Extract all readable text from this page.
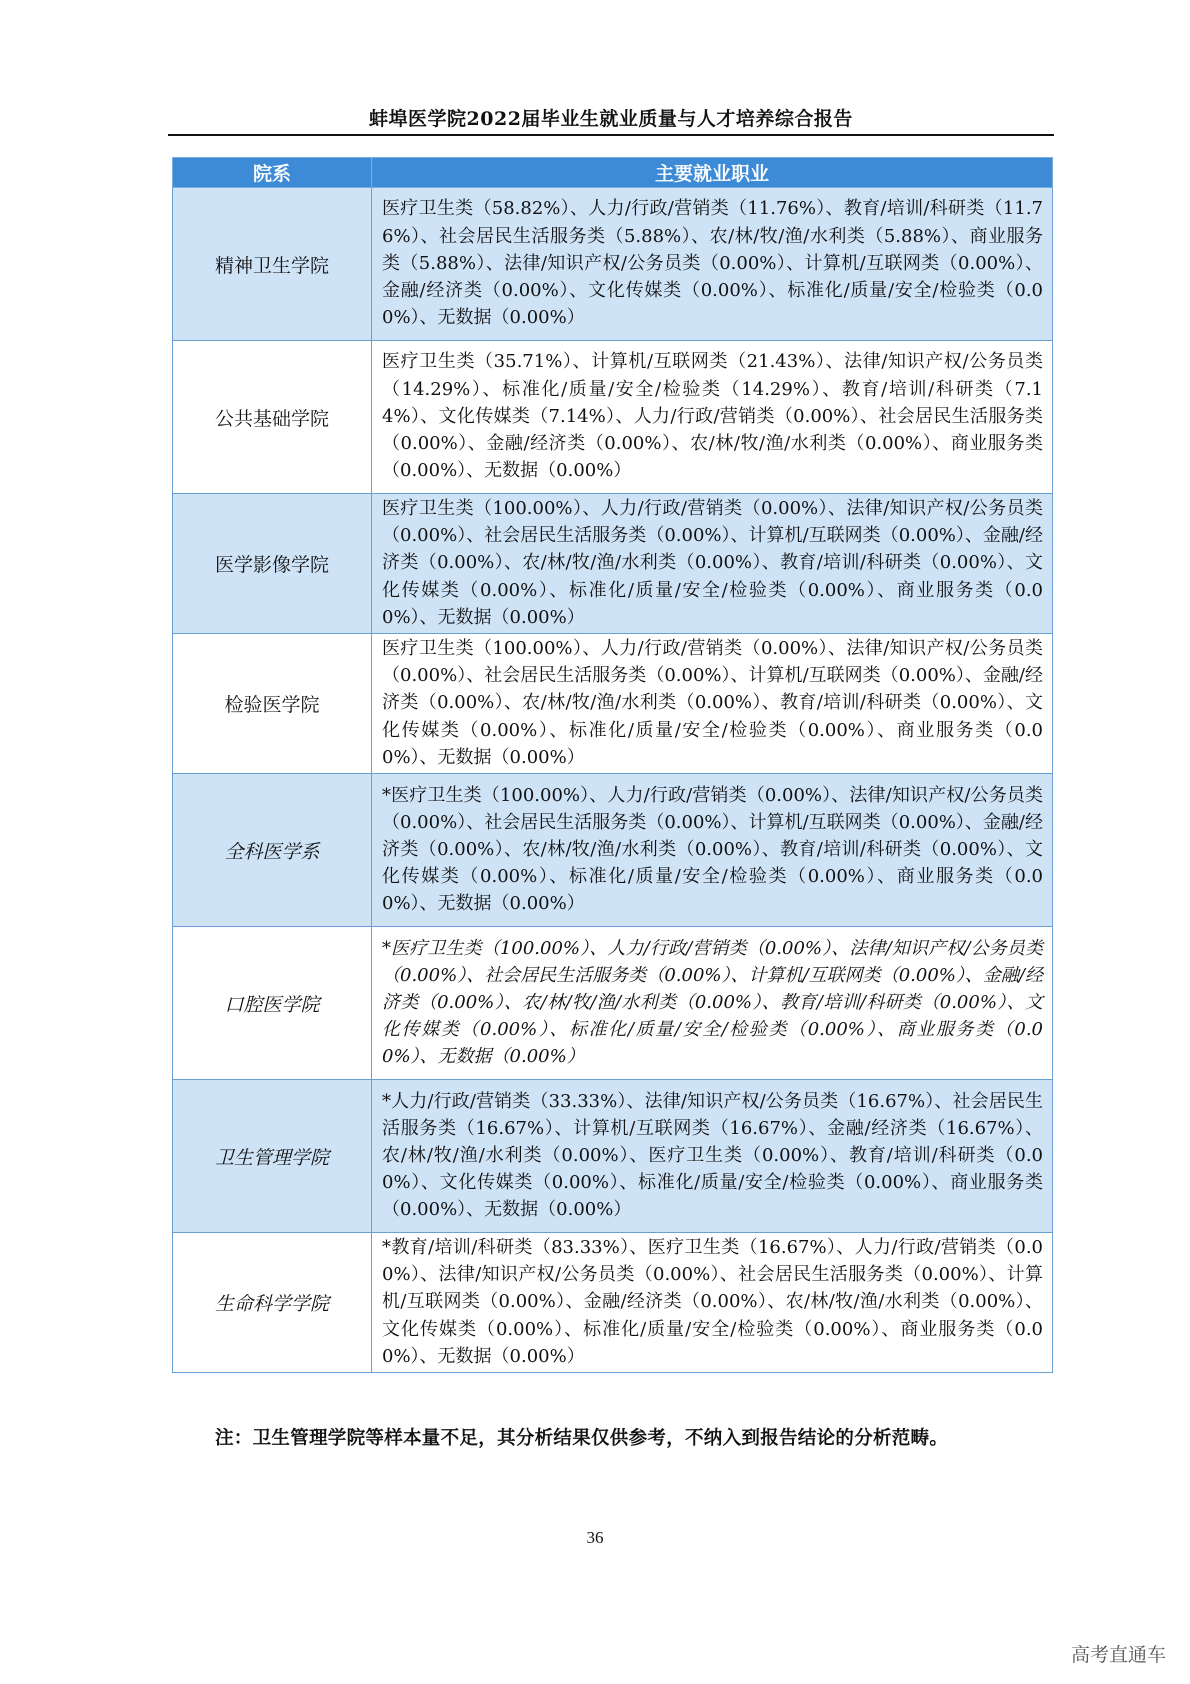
蚌埠医学院2022届毕业生就业质量与人才培养综合报告
院系	主要就业职业
精神卫生学院	医疗卫生类（58.82%）、人力/行政/营销类（11.76%）、教育/培训/科研类（11.76%）、社会居民生活服务类（5.88%）、农/林/牧/渔/水利类（5.88%）、商业服务类（5.88%）、法律/知识产权/公务员类（0.00%）、计算机/互联网类（0.00%）、金融/经济类（0.00%）、文化传媒类（0.00%）、标准化/质量/安全/检验类（0.00%）、无数据（0.00%）
公共基础学院	医疗卫生类（35.71%）、计算机/互联网类（21.43%）、法律/知识产权/公务员类（14.29%）、标准化/质量/安全/检验类（14.29%）、教育/培训/科研类（7.14%）、文化传媒类（7.14%）、人力/行政/营销类（0.00%）、社会居民生活服务类（0.00%）、金融/经济类（0.00%）、农/林/牧/渔/水利类（0.00%）、商业服务类（0.00%）、无数据（0.00%）
医学影像学院	医疗卫生类（100.00%）、人力/行政/营销类（0.00%）、法律/知识产权/公务员类（0.00%）、社会居民生活服务类（0.00%）、计算机/互联网类（0.00%）、金融/经济类（0.00%）、农/林/牧/渔/水利类（0.00%）、教育/培训/科研类（0.00%）、文化传媒类（0.00%）、标准化/质量/安全/检验类（0.00%）、商业服务类（0.00%）、无数据（0.00%）
检验医学院	医疗卫生类（100.00%）、人力/行政/营销类（0.00%）、法律/知识产权/公务员类（0.00%）、社会居民生活服务类（0.00%）、计算机/互联网类（0.00%）、金融/经济类（0.00%）、农/林/牧/渔/水利类（0.00%）、教育/培训/科研类（0.00%）、文化传媒类（0.00%）、标准化/质量/安全/检验类（0.00%）、商业服务类（0.00%）、无数据（0.00%）
全科医学系	*医疗卫生类（100.00%）、人力/行政/营销类（0.00%）、法律/知识产权/公务员类（0.00%）、社会居民生活服务类（0.00%）、计算机/互联网类（0.00%）、金融/经济类（0.00%）、农/林/牧/渔/水利类（0.00%）、教育/培训/科研类（0.00%）、文化传媒类（0.00%）、标准化/质量/安全/检验类（0.00%）、商业服务类（0.00%）、无数据（0.00%）
口腔医学院	*医疗卫生类（100.00%）、人力/行政/营销类（0.00%）、法律/知识产权/公务员类（0.00%）、社会居民生活服务类（0.00%）、计算机/互联网类（0.00%）、金融/经济类（0.00%）、农/林/牧/渔/水利类（0.00%）、教育/培训/科研类（0.00%）、文化传媒类（0.00%）、标准化/质量/安全/检验类（0.00%）、商业服务类（0.00%）、无数据（0.00%）
卫生管理学院	*人力/行政/营销类（33.33%）、法律/知识产权/公务员类（16.67%）、社会居民生活服务类（16.67%）、计算机/互联网类（16.67%）、金融/经济类（16.67%）、农/林/牧/渔/水利类（0.00%）、医疗卫生类（0.00%）、教育/培训/科研类（0.00%）、文化传媒类（0.00%）、标准化/质量/安全/检验类（0.00%）、商业服务类（0.00%）、无数据（0.00%）
生命科学学院	*教育/培训/科研类（83.33%）、医疗卫生类（16.67%）、人力/行政/营销类（0.00%）、法律/知识产权/公务员类（0.00%）、社会居民生活服务类（0.00%）、计算机/互联网类（0.00%）、金融/经济类（0.00%）、农/林/牧/渔/水利类（0.00%）、文化传媒类（0.00%）、标准化/质量/安全/检验类（0.00%）、商业服务类（0.00%）、无数据（0.00%）
注：卫生管理学院等样本量不足，其分析结果仅供参考，不纳入到报告结论的分析范畴。
36
高考直通车
